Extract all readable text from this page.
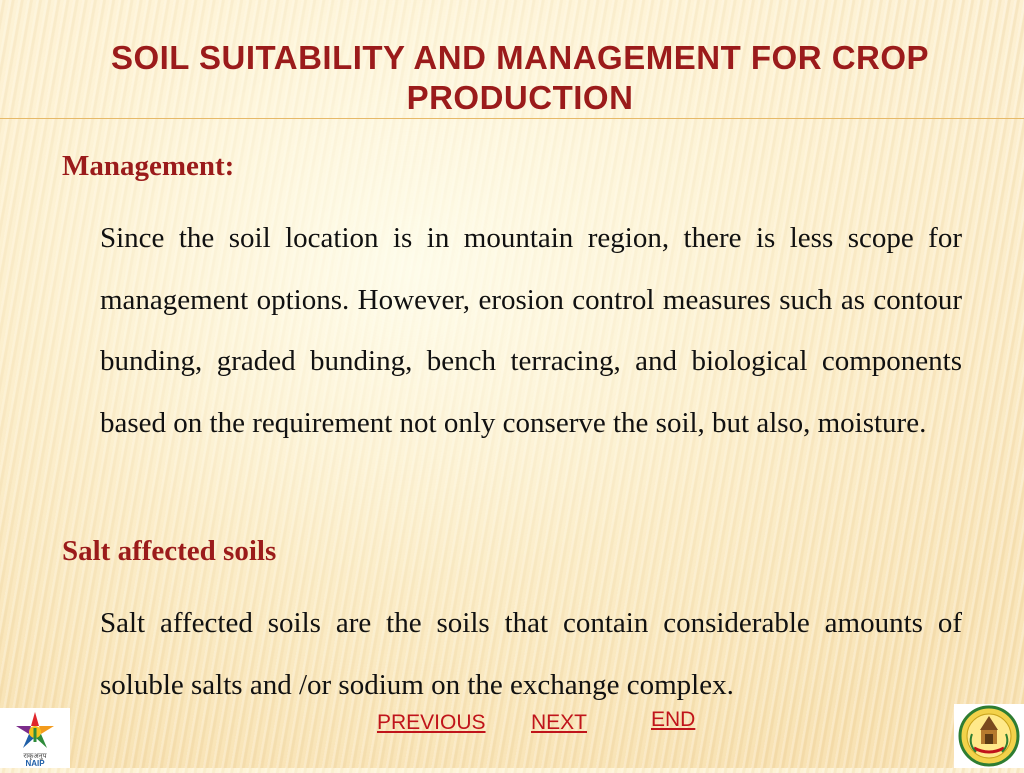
SOIL SUITABILITY AND MANAGEMENT FOR CROP PRODUCTION
Management:

Since the soil location is in mountain region, there is less scope for management options. However, erosion control measures such as contour bunding, graded bunding, bench terracing, and biological components based on the requirement not only conserve the soil, but also, moisture.

Salt affected soils

Salt affected soils are the soils that contain considerable amounts of soluble salts and /or sodium on the exchange complex.

राकृअनुप
NAIP
PREVIOUS NEXT	END
